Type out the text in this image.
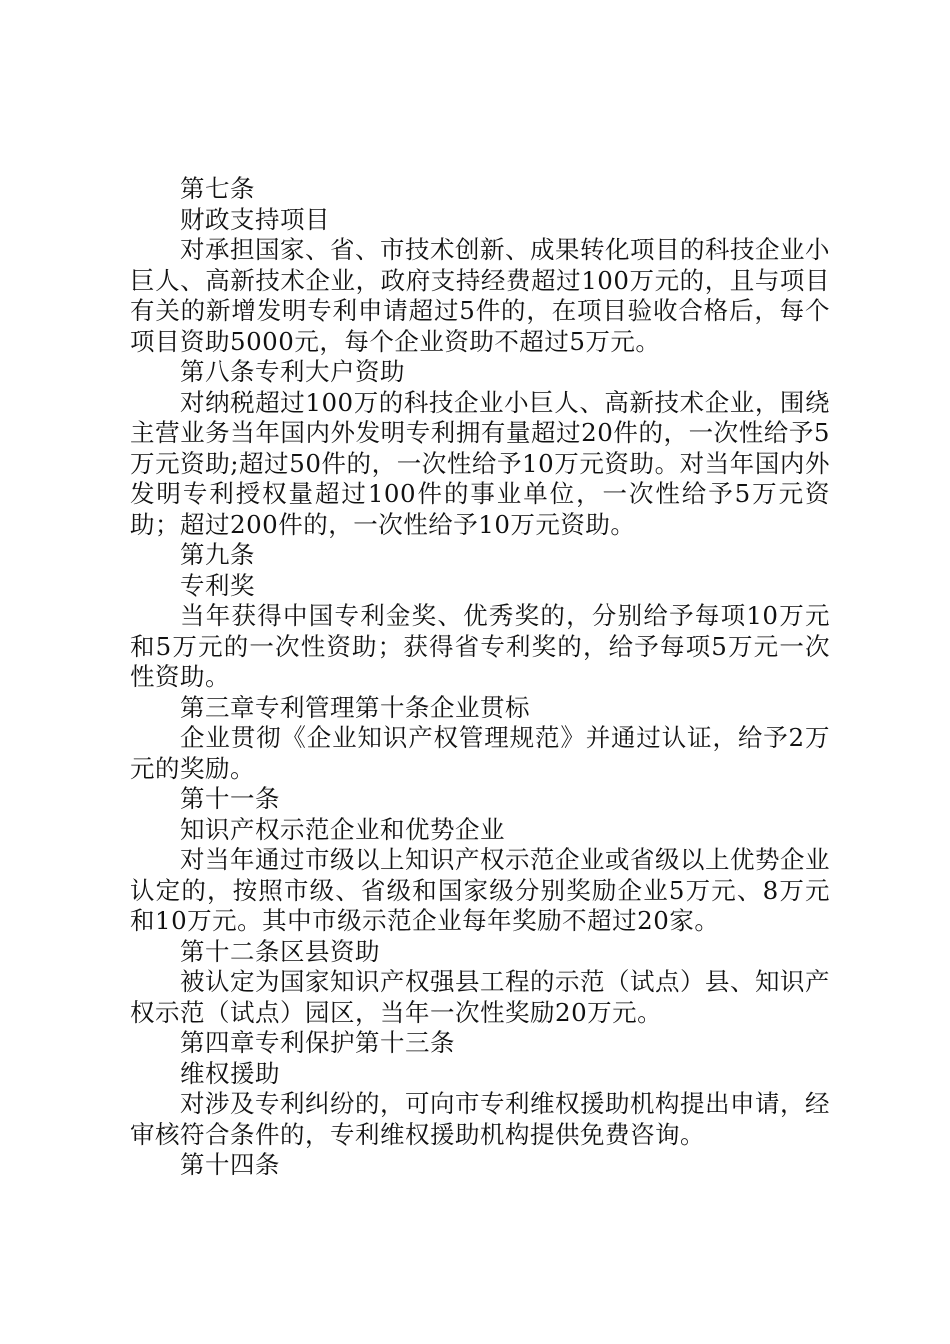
第七条

财政支持项目

对承担国家、省、市技术创新、成果转化项目的科技企业小巨人、高新技术企业，政府支持经费超过100万元的，且与项目有关的新增发明专利申请超过5件的，在项目验收合格后，每个项目资助5000元，每个企业资助不超过5万元。

第八条专利大户资助

对纳税超过100万的科技企业小巨人、高新技术企业，围绕主营业务当年国内外发明专利拥有量超过20件的，一次性给予5万元资助;超过50件的，一次性给予10万元资助。对当年国内外发明专利授权量超过100件的事业单位，一次性给予5万元资助；超过200件的，一次性给予10万元资助。

第九条

专利奖

当年获得中国专利金奖、优秀奖的，分别给予每项10万元和5万元的一次性资助；获得省专利奖的，给予每项5万元一次性资助。

第三章专利管理第十条企业贯标

企业贯彻《企业知识产权管理规范》并通过认证，给予2万元的奖励。

第十一条

知识产权示范企业和优势企业

对当年通过市级以上知识产权示范企业或省级以上优势企业认定的，按照市级、省级和国家级分别奖励企业5万元、8万元和10万元。其中市级示范企业每年奖励不超过20家。

第十二条区县资助

被认定为国家知识产权强县工程的示范（试点）县、知识产权示范（试点）园区，当年一次性奖励20万元。

第四章专利保护第十三条

维权援助

对涉及专利纠纷的，可向市专利维权援助机构提出申请，经审核符合条件的，专利维权援助机构提供免费咨询。

第十四条
